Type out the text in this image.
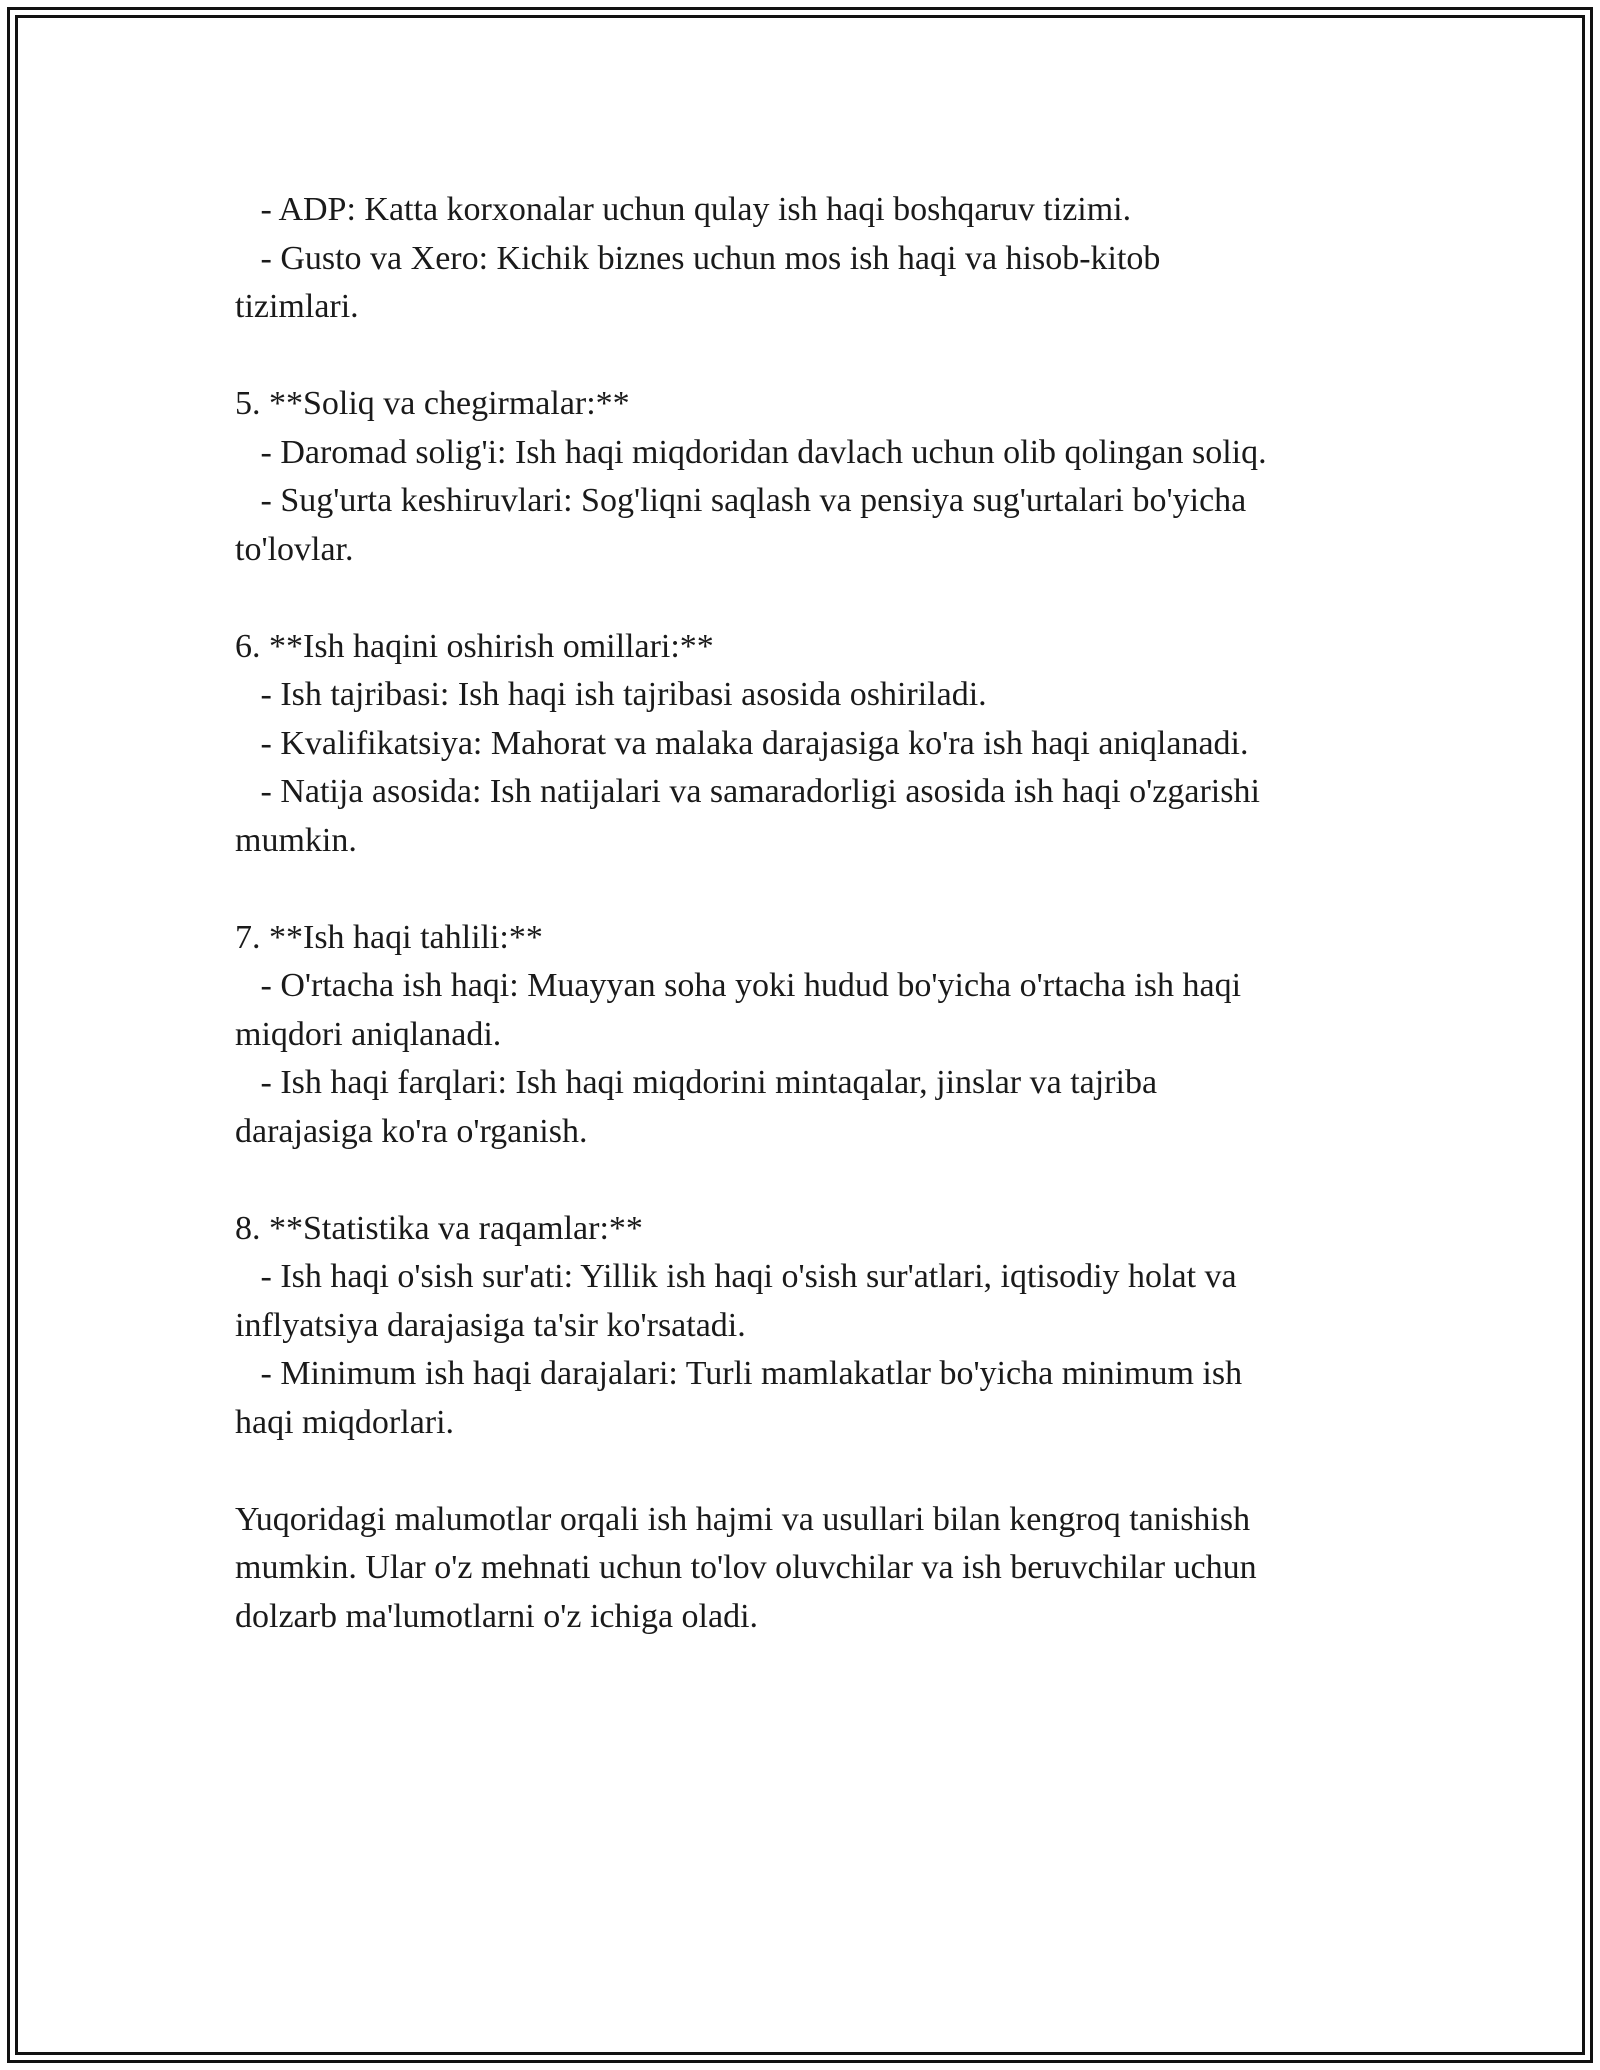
- ADP: Katta korxonalar uchun qulay ish haqi boshqaruv tizimi.

- Gusto va Xero: Kichik biznes uchun mos ish haqi va hisob-kitob

tizimlari.

5. **Soliq va chegirmalar:**

- Daromad solig'i: Ish haqi miqdoridan davlach uchun olib qolingan soliq.

- Sug'urta keshiruvlari: Sog'liqni saqlash va pensiya sug'urtalari bo'yicha

to'lovlar.

6. **Ish haqini oshirish omillari:**

- Ish tajribasi: Ish haqi ish tajribasi asosida oshiriladi.

- Kvalifikatsiya: Mahorat va malaka darajasiga ko'ra ish haqi aniqlanadi.

- Natija asosida: Ish natijalari va samaradorligi asosida ish haqi o'zgarishi

mumkin.

7. **Ish haqi tahlili:**

- O'rtacha ish haqi: Muayyan soha yoki hudud bo'yicha o'rtacha ish haqi

miqdori aniqlanadi.

- Ish haqi farqlari: Ish haqi miqdorini mintaqalar, jinslar va tajriba

darajasiga ko'ra o'rganish.

8. **Statistika va raqamlar:**

- Ish haqi o'sish sur'ati: Yillik ish haqi o'sish sur'atlari, iqtisodiy holat va

inflyatsiya darajasiga ta'sir ko'rsatadi.

- Minimum ish haqi darajalari: Turli mamlakatlar bo'yicha minimum ish

haqi miqdorlari.

Yuqoridagi malumotlar orqali ish hajmi va usullari bilan kengroq tanishish

mumkin. Ular o'z mehnati uchun to'lov oluvchilar va ish beruvchilar uchun

dolzarb ma'lumotlarni o'z ichiga oladi.
